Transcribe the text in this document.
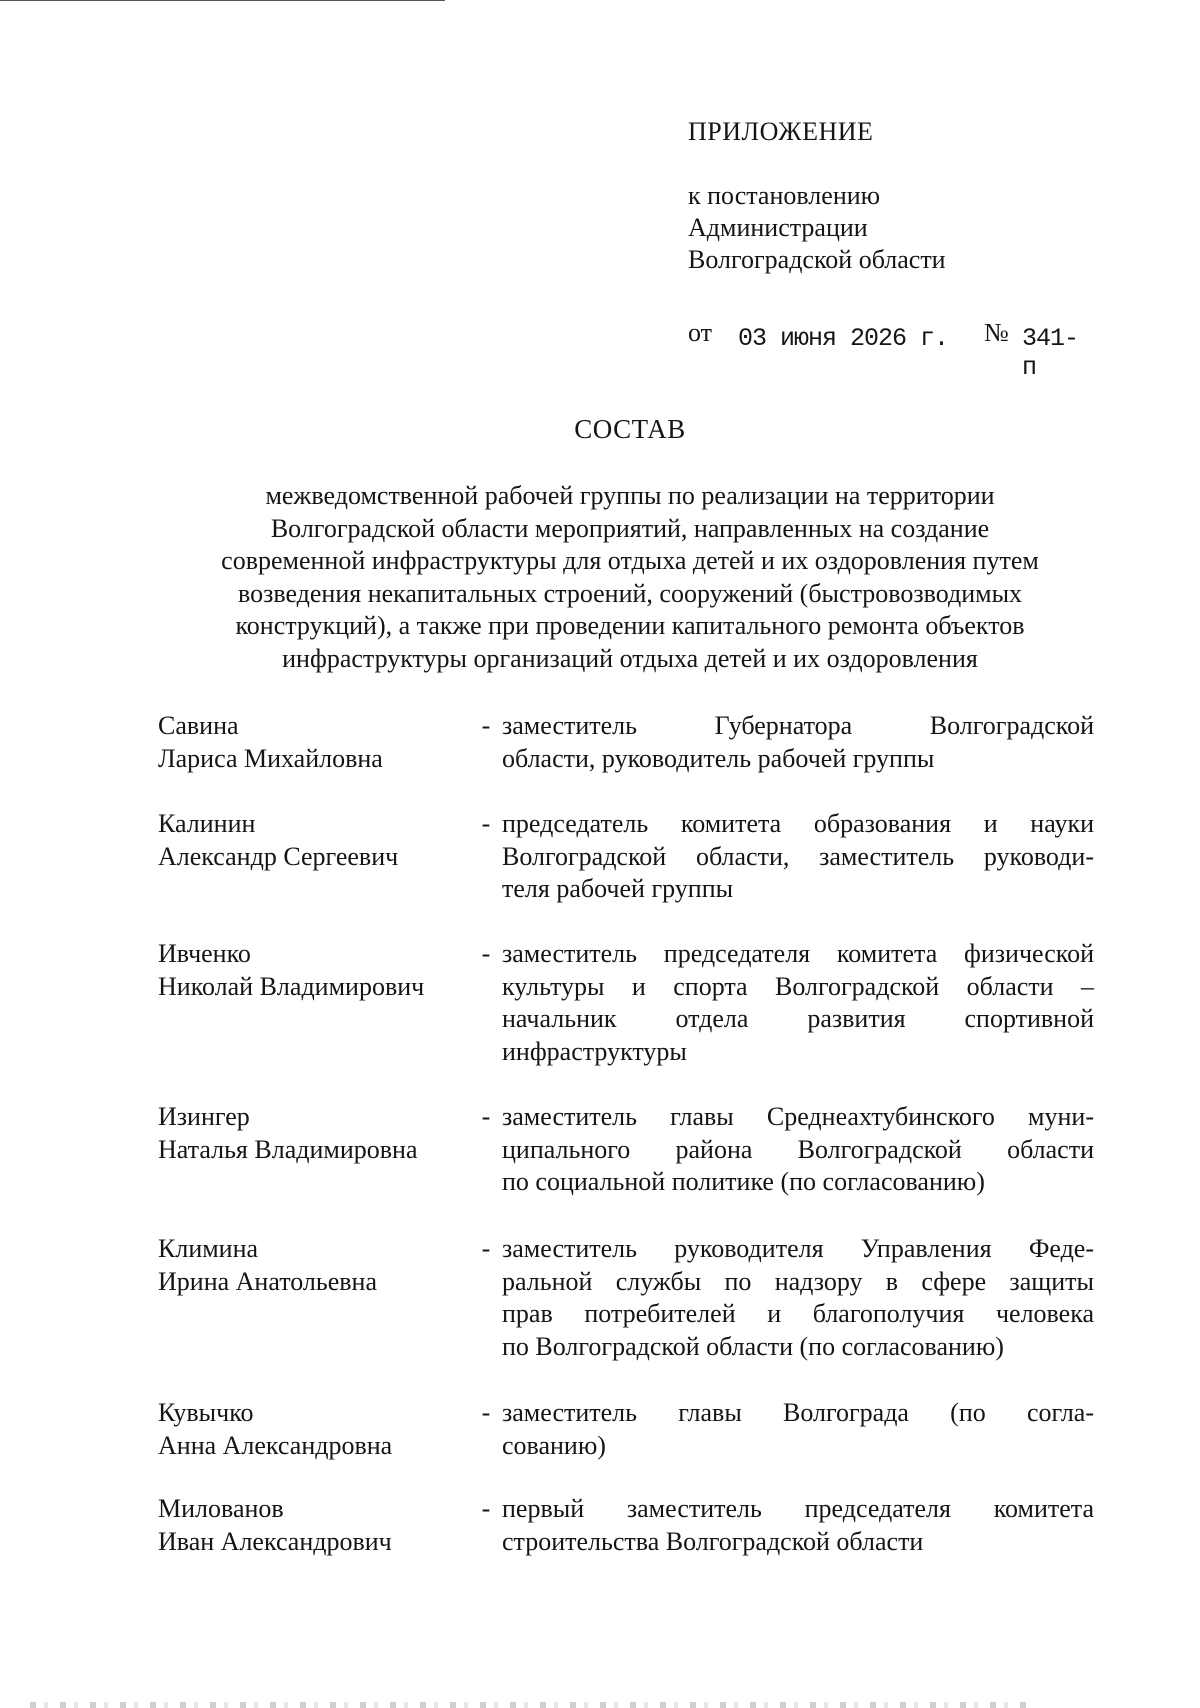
ПРИЛОЖЕНИЕ
к постановлению
Администрации
Волгоградской области
от 03 июня 2026 г. № 341-п
СОСТАВ
межведомственной рабочей группы по реализации на территории
Волгоградской области мероприятий, направленных на создание
современной инфраструктуры для отдыха детей и их оздоровления путем
возведения некапитальных строений, сооружений (быстровозводимых
конструкций), а также при проведении капитального ремонта объектов
инфраструктуры организаций отдыха детей и их оздоровления
Савина
Лариса Михайловна
- заместитель Губернатора Волгоградской
области, руководитель рабочей группы
Калинин
Александр Сергеевич
- председатель комитета образования и науки
Волгоградской области, заместитель руководи-
теля рабочей группы
Ивченко
Николай Владимирович
- заместитель председателя комитета физической
культуры и спорта Волгоградской области –
начальник отдела развития спортивной
инфраструктуры
Изингер
Наталья Владимировна
- заместитель главы Среднеахтубинского муни-
ципального района Волгоградской области
по социальной политике (по согласованию)
Климина
Ирина Анатольевна
- заместитель руководителя Управления Феде-
ральной службы по надзору в сфере защиты
прав потребителей и благополучия человека
по Волгоградской области (по согласованию)
Кувычко
Анна Александровна
- заместитель главы Волгограда (по согла-
сованию)
Милованов
Иван Александрович
- первый заместитель председателя комитета
строительства Волгоградской области
